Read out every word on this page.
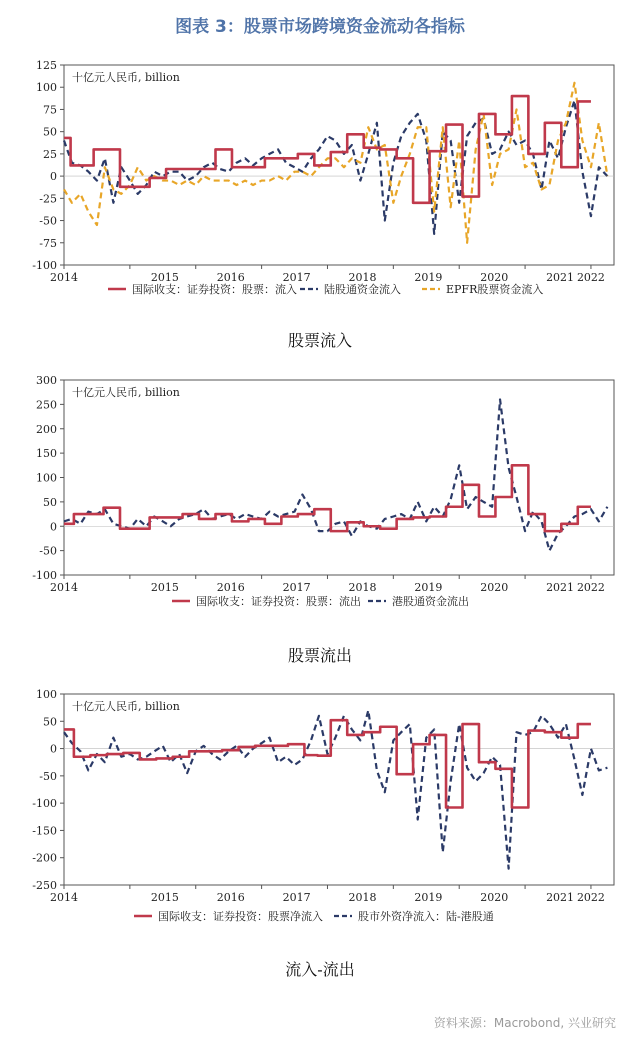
图表 3：股票市场跨境资金流动各指标
125
100
75
50
25
0
-25
-50
-75
-100
2014	2015	2016	2017	2018	2019	2020	2021 2022
十亿元人民币, billion
国际收支：证券投资：股票：流入 陆股通资金流入	EPFR股票资金流入
股票流入
300
250
200
150
100
50
0
-50
-100
2014	2015	2016	2017	2018	2019	2020	2021 2022
十亿元人民币, billion
国际收支：证券投资：股票：流出	港股通资金流出
股票流出
100
50
0
-50
-100
-150
-200
-250
2014	2015	2016	2017	2018	2019	2020	2021 2022
十亿元人民币, billion
国际收支：证券投资：股票净流入	股市外资净流入：陆-港股通
流入-流出
资料来源：Macrobond, 兴业研究
